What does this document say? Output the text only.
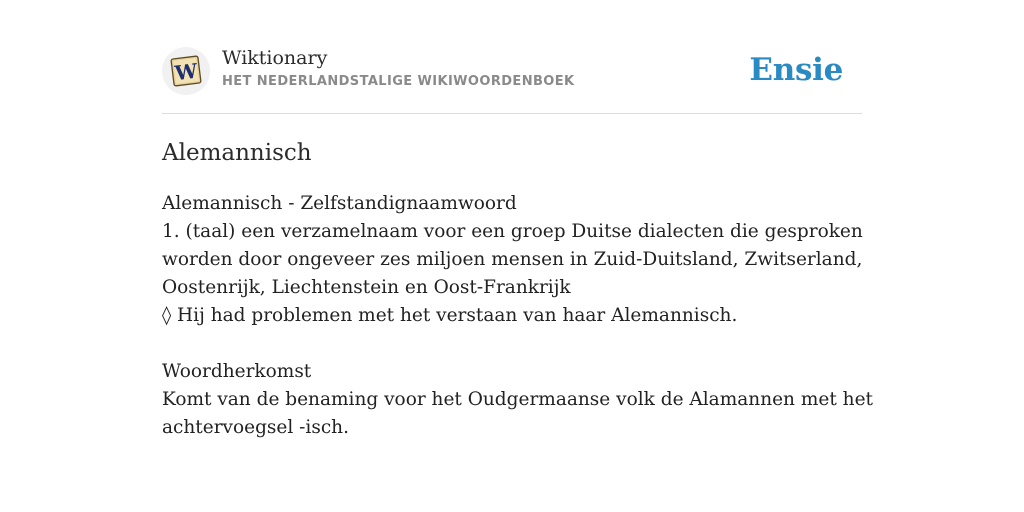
W
Wiktionary
HET NEDERLANDSTALIGE WIKIWOORDENBOEK	Ensie
Alemannisch

Alemannisch - Zelfstandignaamwoord

1. (taal) een verzamelnaam voor een groep Duitse dialecten die gesproken

worden door ongeveer zes miljoen mensen in Zuid-Duitsland, Zwitserland,

Oostenrijk, Liechtenstein en Oost-Frankrijk

◊ Hij had problemen met het verstaan van haar Alemannisch.

Woordherkomst

Komt van de benaming voor het Oudgermaanse volk de Alamannen met het

achtervoegsel -isch.
